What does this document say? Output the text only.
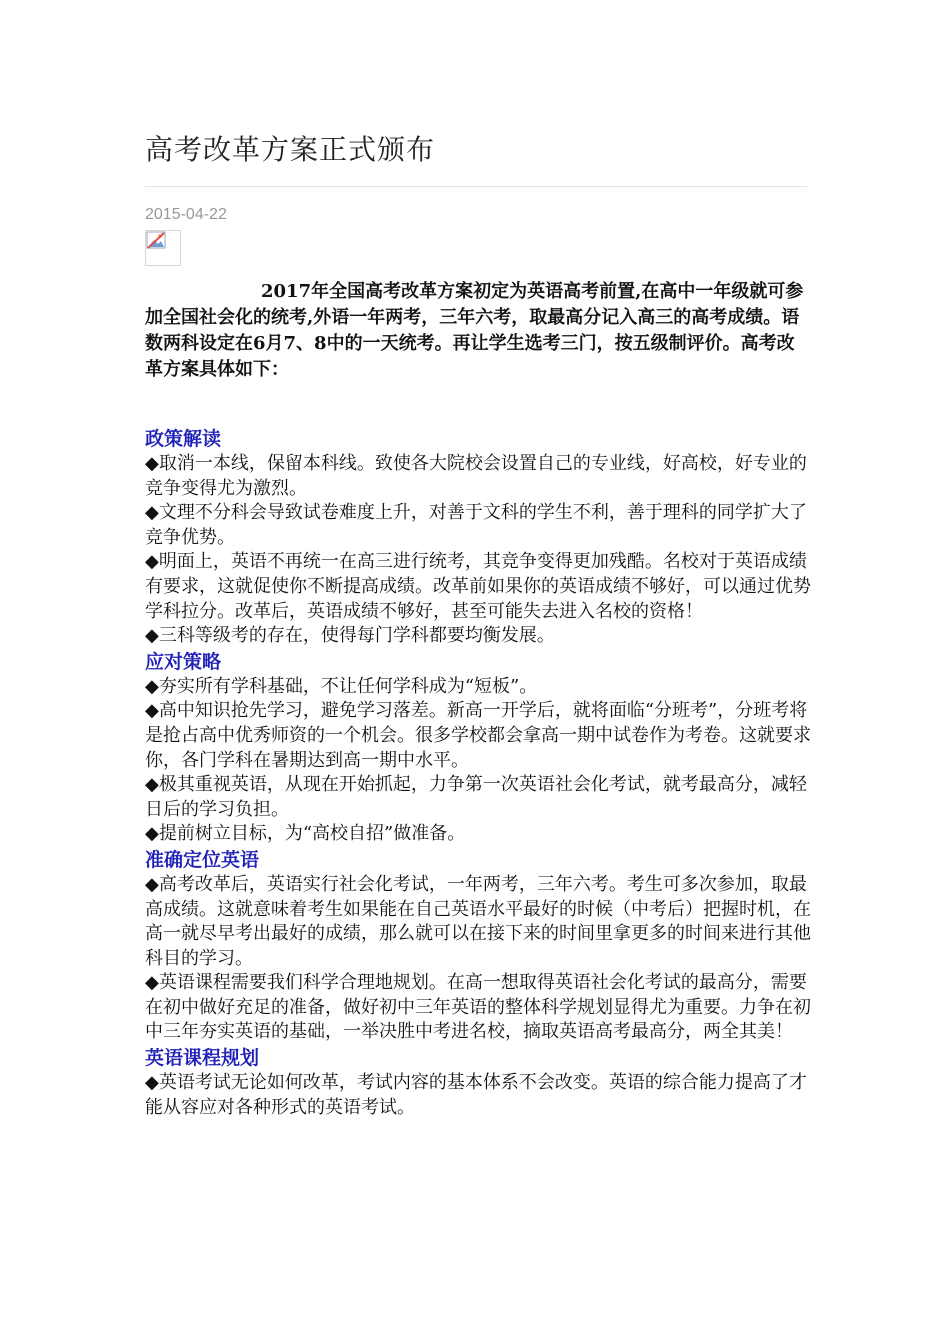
高考改革方案正式颁布
2015-04-22

2017年全国高考改革方案初定为英语高考前置,在高中一年级就可参加全国社会化的统考,外语一年两考，三年六考，取最高分记入高三的高考成绩。语数两科设定在6月7、8中的一天统考。再让学生选考三门，按五级制评价。高考改革方案具体如下：

政策解读

◆取消一本线，保留本科线。致使各大院校会设置自己的专业线，好高校，好专业的竞争变得尤为激烈。

◆文理不分科会导致试卷难度上升，对善于文科的学生不利，善于理科的同学扩大了竞争优势。

◆明面上，英语不再统一在高三进行统考，其竞争变得更加残酷。名校对于英语成绩有要求，这就促使你不断提高成绩。改革前如果你的英语成绩不够好，可以通过优势学科拉分。改革后，英语成绩不够好，甚至可能失去进入名校的资格！

◆三科等级考的存在，使得每门学科都要均衡发展。

应对策略

◆夯实所有学科基础，不让任何学科成为“短板”。

◆高中知识抢先学习，避免学习落差。新高一开学后，就将面临“分班考”，分班考将是抢占高中优秀师资的一个机会。很多学校都会拿高一期中试卷作为考卷。这就要求你，各门学科在暑期达到高一期中水平。

◆极其重视英语，从现在开始抓起，力争第一次英语社会化考试，就考最高分，减轻日后的学习负担。

◆提前树立目标，为“高校自招”做准备。

准确定位英语

◆高考改革后，英语实行社会化考试，一年两考，三年六考。考生可多次参加，取最高成绩。这就意味着考生如果能在自己英语水平最好的时候（中考后）把握时机，在高一就尽早考出最好的成绩，那么就可以在接下来的时间里拿更多的时间来进行其他科目的学习。

◆英语课程需要我们科学合理地规划。在高一想取得英语社会化考试的最高分，需要在初中做好充足的准备，做好初中三年英语的整体科学规划显得尤为重要。力争在初中三年夯实英语的基础，一举决胜中考进名校，摘取英语高考最高分，两全其美！

英语课程规划

◆英语考试无论如何改革，考试内容的基本体系不会改变。英语的综合能力提高了才能从容应对各种形式的英语考试。
